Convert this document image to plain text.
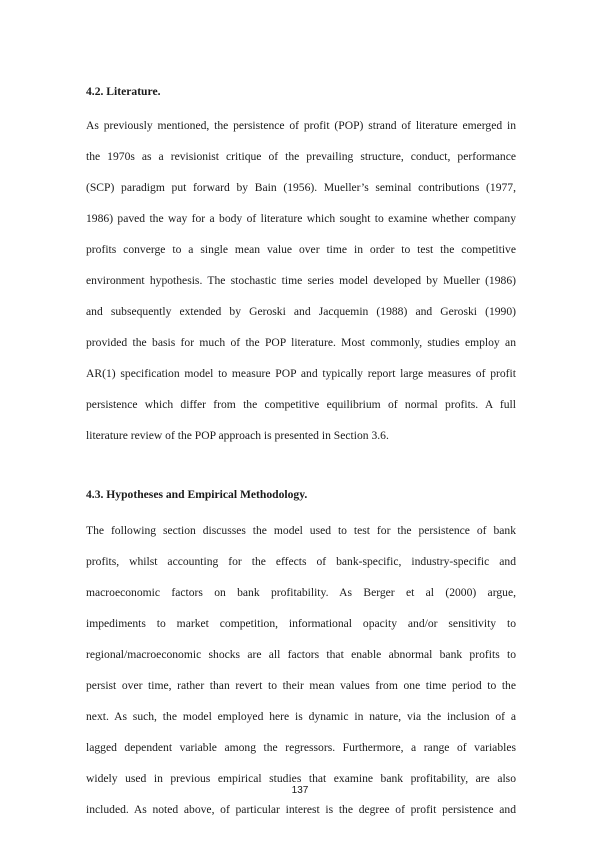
4.2. Literature.
As previously mentioned, the persistence of profit (POP) strand of literature emerged in
the 1970s as a revisionist critique of the prevailing structure, conduct, performance
(SCP) paradigm put forward by Bain (1956). Mueller’s seminal contributions (1977,
1986) paved the way for a body of literature which sought to examine whether company
profits converge to a single mean value over time in order to test the competitive
environment hypothesis. The stochastic time series model developed by Mueller (1986)
and subsequently extended by Geroski and Jacquemin (1988) and Geroski (1990)
provided the basis for much of the POP literature. Most commonly, studies employ an
AR(1) specification model to measure POP and typically report large measures of profit
persistence which differ from the competitive equilibrium of normal profits. A full
literature review of the POP approach is presented in Section 3.6.
4.3. Hypotheses and Empirical Methodology.
The following section discusses the model used to test for the persistence of bank
profits, whilst accounting for the effects of bank-specific, industry-specific and
macroeconomic factors on bank profitability. As Berger et al (2000) argue,
impediments to market competition, informational opacity and/or sensitivity to
regional/macroeconomic shocks are all factors that enable abnormal bank profits to
persist over time, rather than revert to their mean values from one time period to the
next. As such, the model employed here is dynamic in nature, via the inclusion of a
lagged dependent variable among the regressors. Furthermore, a range of variables
widely used in previous empirical studies that examine bank profitability, are also
included. As noted above, of particular interest is the degree of profit persistence and
137
